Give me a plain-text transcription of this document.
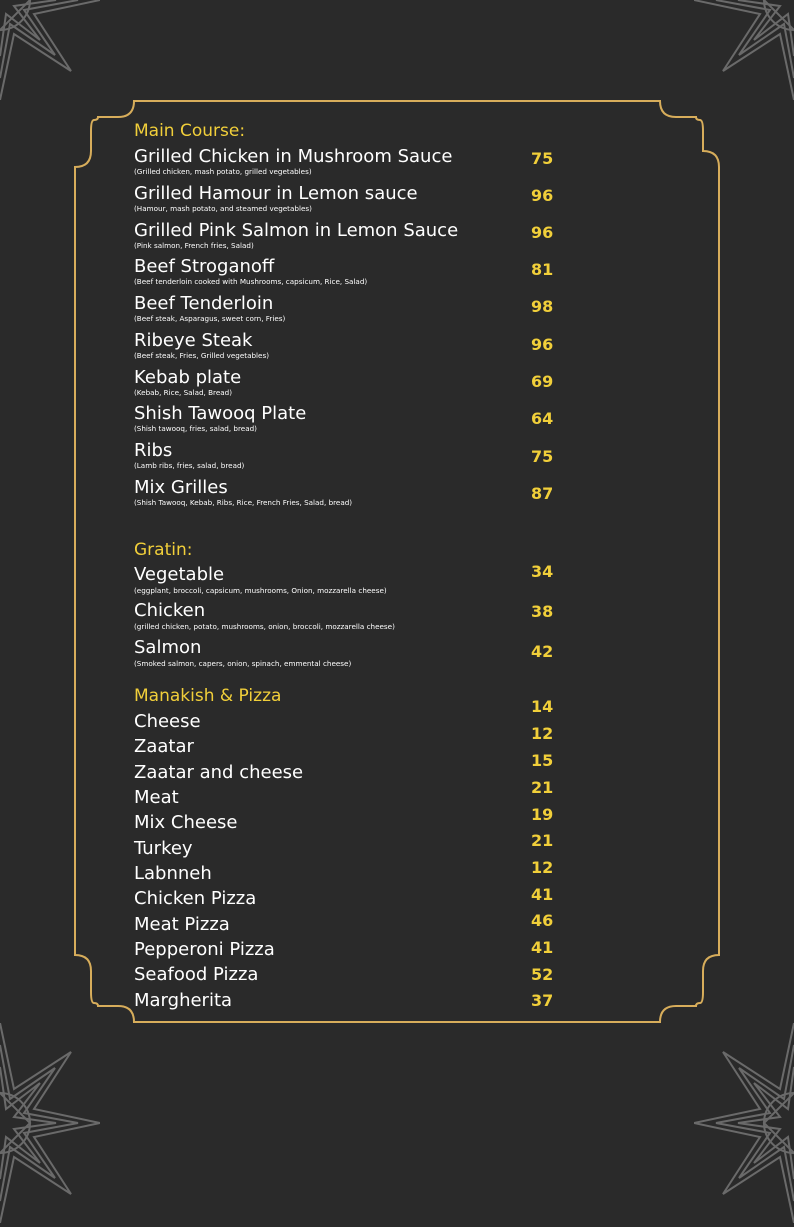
Main Course:
Grilled Chicken in Mushroom Sauce
(Grilled chicken, mash potato, grilled vegetables)
75
Grilled Hamour in Lemon sauce
(Hamour, mash potato, and steamed vegetables)
96
Grilled Pink Salmon in Lemon Sauce
(Pink salmon, French fries, Salad)
96
Beef Stroganoff
(Beef tenderloin cooked with Mushrooms, capsicum, Rice, Salad)
81
Beef Tenderloin
(Beef steak, Asparagus, sweet corn, Fries)
98
Ribeye Steak
(Beef steak, Fries, Grilled vegetables)
96
Kebab plate
(Kebab, Rice, Salad, Bread)
69
Shish Tawooq Plate
(Shish tawooq, fries, salad, bread)
64
Ribs
(Lamb ribs, fries, salad, bread)	75
Mix Grilles
(Shish Tawooq, Kebab, Ribs, Rice, French Fries, Salad, bread)	87
Gratin:
Vegetable
(eggplant, broccoli, capsicum, mushrooms, Onion, mozzarella cheese)
34
Chicken
(grilled chicken, potato, mushrooms, onion, broccoli, mozzarella cheese)
38
Salmon
(Smoked salmon, capers, onion, spinach, emmental cheese)
42
Manakish & Pizza
Cheese
14
Zaatar
12
Zaatar and cheese
15
Meat	21
Mix Cheese	19
Turkey	21
Labnneh	12
Chicken Pizza	41
Meat Pizza	46
Pepperoni Pizza	41
Seafood Pizza	52
Margherita	37
